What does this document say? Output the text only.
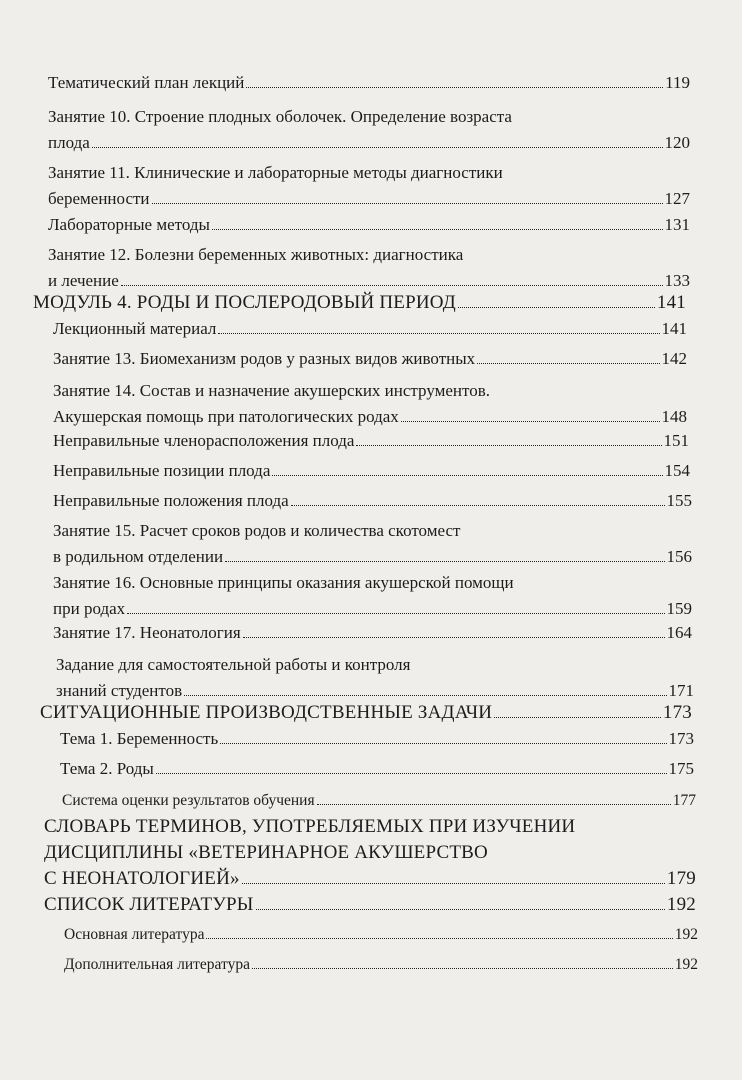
Тематический план лекций	119
Занятие 10. Строение плодных оболочек. Определение возраста
плода	120
Занятие 11. Клинические и лабораторные методы диагностики
беременности	127
Лабораторные методы	131
Занятие 12. Болезни беременных животных: диагностика
и лечение	133
МОДУЛЬ 4. РОДЫ И ПОСЛЕРОДОВЫЙ ПЕРИОД	141
Лекционный материал	141
Занятие 13. Биомеханизм родов у разных видов животных	142
Занятие 14. Состав и назначение акушерских инструментов.
Акушерская помощь при патологических родах	148
Неправильные членорасположения плода	151
Неправильные позиции плода	154
Неправильные положения плода	155
Занятие 15. Расчет сроков родов и количества скотомест
в родильном отделении	156
Занятие 16. Основные принципы оказания акушерской помощи
при родах	159
Занятие 17. Неонатология	164
Задание для самостоятельной работы и контроля
знаний студентов	171
СИТУАЦИОННЫЕ ПРОИЗВОДСТВЕННЫЕ ЗАДАЧИ	173
Тема 1. Беременность	173
Тема 2. Роды	175
Система оценки результатов обучения	177
СЛОВАРЬ ТЕРМИНОВ, УПОТРЕБЛЯЕМЫХ ПРИ ИЗУЧЕНИИ
ДИСЦИПЛИНЫ «ВЕТЕРИНАРНОЕ АКУШЕРСТВО
С НЕОНАТОЛОГИЕЙ»	179
СПИСОК ЛИТЕРАТУРЫ	192
Основная литература	192
Дополнительная литература	192
